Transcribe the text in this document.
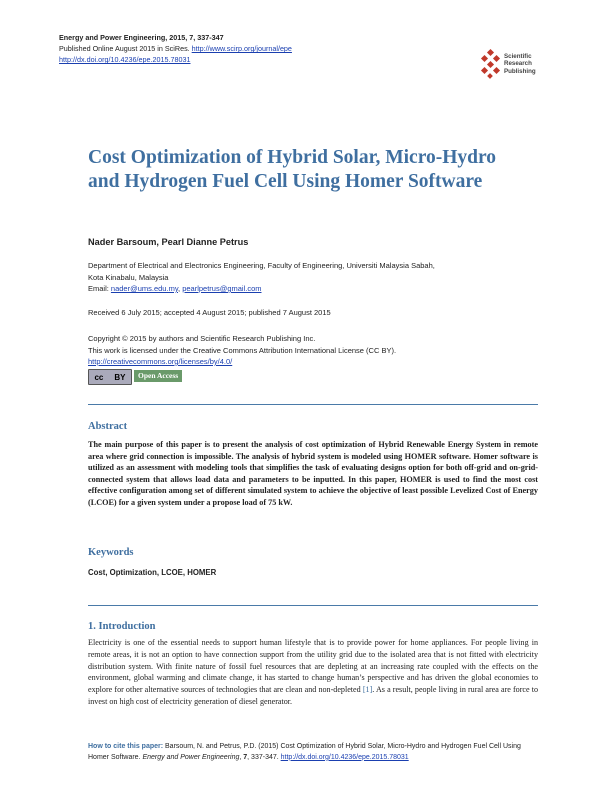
Energy and Power Engineering, 2015, 7, 337-347
Published Online August 2015 in SciRes. http://www.scirp.org/journal/epe
http://dx.doi.org/10.4236/epe.2015.78031	Scientific
Research
Publishing
Cost Optimization of Hybrid Solar, Micro-Hydro and Hydrogen Fuel Cell Using Homer Software
Nader Barsoum, Pearl Dianne Petrus
Department of Electrical and Electronics Engineering, Faculty of Engineering, Universiti Malaysia Sabah,
Kota Kinabalu, Malaysia
Email: nader@ums.edu.my, pearlpetrus@gmail.com
Received 6 July 2015; accepted 4 August 2015; published 7 August 2015
Copyright © 2015 by authors and Scientific Research Publishing Inc.
This work is licensed under the Creative Commons Attribution International License (CC BY).
http://creativecommons.org/licenses/by/4.0/
cc BY	Open Access
Abstract
The main purpose of this paper is to present the analysis of cost optimization of Hybrid Renewable Energy System in remote area where grid connection is impossible. The analysis of hybrid system is modeled using HOMER software. Homer software is utilized as an assessment with modeling tools that simplifies the task of evaluating designs option for both off-grid and on-grid-connected system that allows load data and parameters to be inputted. In this paper, HOMER is used to find the most cost effective configuration among set of different simulated system to achieve the objective of least possible Levelized Cost of Energy (LCOE) for a given system under a propose load of 75 kW.
Keywords
Cost, Optimization, LCOE, HOMER
1. Introduction
Electricity is one of the essential needs to support human lifestyle that is to provide power for home appliances. For people living in remote areas, it is not an option to have connection support from the utility grid due to the isolated area that is not fitted with electricity distribution system. With finite nature of fossil fuel resources that are depleting at an increasing rate coupled with the effects on the environment, global warming and climate change, it has started to change human’s perspective and has driven the global economies to explore for other alternative sources of technologies that are clean and non-depleted [1]. As a result, people living in rural area are force to invest on high cost of electricity generation of diesel generator.
How to cite this paper: Barsoum, N. and Petrus, P.D. (2015) Cost Optimization of Hybrid Solar, Micro-Hydro and Hydrogen Fuel Cell Using Homer Software. Energy and Power Engineering, 7, 337-347. http://dx.doi.org/10.4236/epe.2015.78031
